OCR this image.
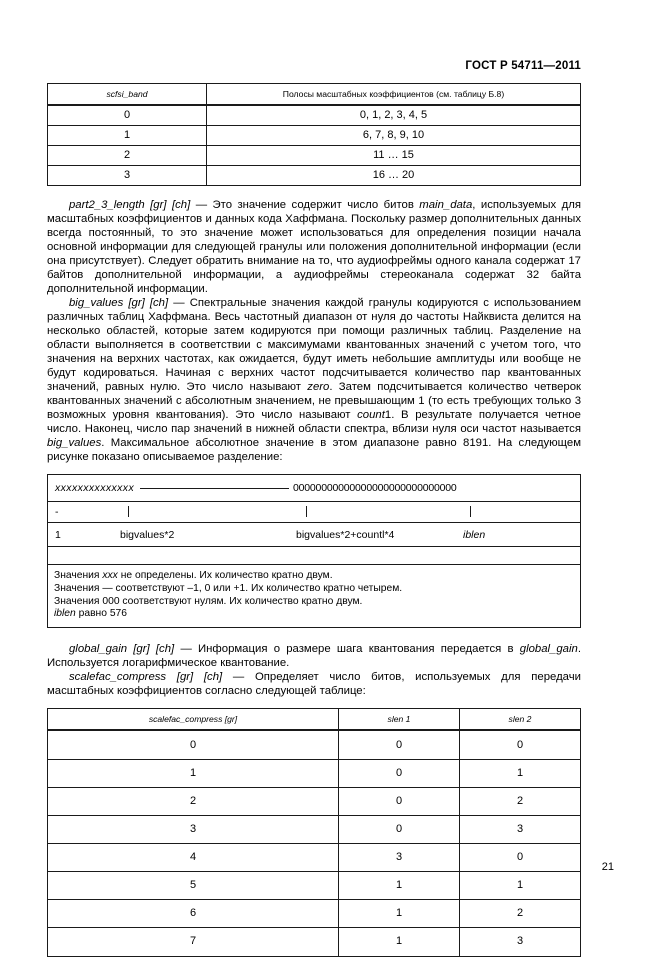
ГОСТ Р 54711—2011
scfsi_band	Полосы масштабных коэффициентов (см. таблицу Б.8)
0	0, 1, 2, 3, 4, 5
1	6, 7, 8, 9, 10
2	11 … 15
3	16 … 20

part2_3_length [gr] [ch] — Это значение содержит число битов main_data, используемых для масштабных коэффициентов и данных кода Хаффмана. Поскольку размер дополнительных данных всегда постоянный, то это значение может использоваться для определения позиции начала основной информации для следующей гранулы или положения дополнительной информации (если она присутствует). Следует обратить внимание на то, что аудиофреймы одного канала содержат 17 байтов дополнительной информации, а аудиофреймы стереоканала содержат 32 байта дополнительной информации.

big_values [gr] [ch] — Спектральные значения каждой гранулы кодируются с использованием различных таблиц Хаффмана. Весь частотный диапазон от нуля до частоты Найквиста делится на несколько областей, которые затем кодируются при помощи различных таблиц. Разделение на области выполняется в соответствии с максимумами квантованных значений с учетом того, что значения на верхних частотах, как ожидается, будут иметь небольшие амплитуды или вообще не будут кодироваться. Начиная с верхних частот подсчитывается количество пар квантованных значений, равных нулю. Это число называют zero. Затем подсчитывается количество четверок квантованных значений с абсолютным значением, не превышающим 1 (то есть требующих только 3 возможных уровня квантования). Это число называют count1. В результате получается четное число. Наконец, число пар значений в нижней области спектра, вблизи нуля оси частот называется big_values. Максимальное абсолютное значение в этом диапазоне равно 8191. На следующем рисунке показано описываемое разделение:

xxxxxxxxxxxxxx	00000000000000000000000000000
-
1	bigvalues*2	bigvalues*2+countl*4	iblen
Значения xxx не определены. Их количество кратно двум.
Значения — соответствуют –1, 0 или +1. Их количество кратно четырем.
Значения 000 соответствуют нулям. Их количество кратно двум.
iblen равно 576

global_gain [gr] [ch] — Информация о размере шага квантования передается в global_gain. Используется логарифмическое квантование.

scalefac_compress [gr] [ch] — Определяет число битов, используемых для передачи масштабных коэффициентов согласно следующей таблице:

scalefac_compress [gr]	slen 1	slen 2
0	0	0
1	0	1
2	0	2
3	0	3
4	3	0
5	1	1
6	1	2
7	1	3
21
